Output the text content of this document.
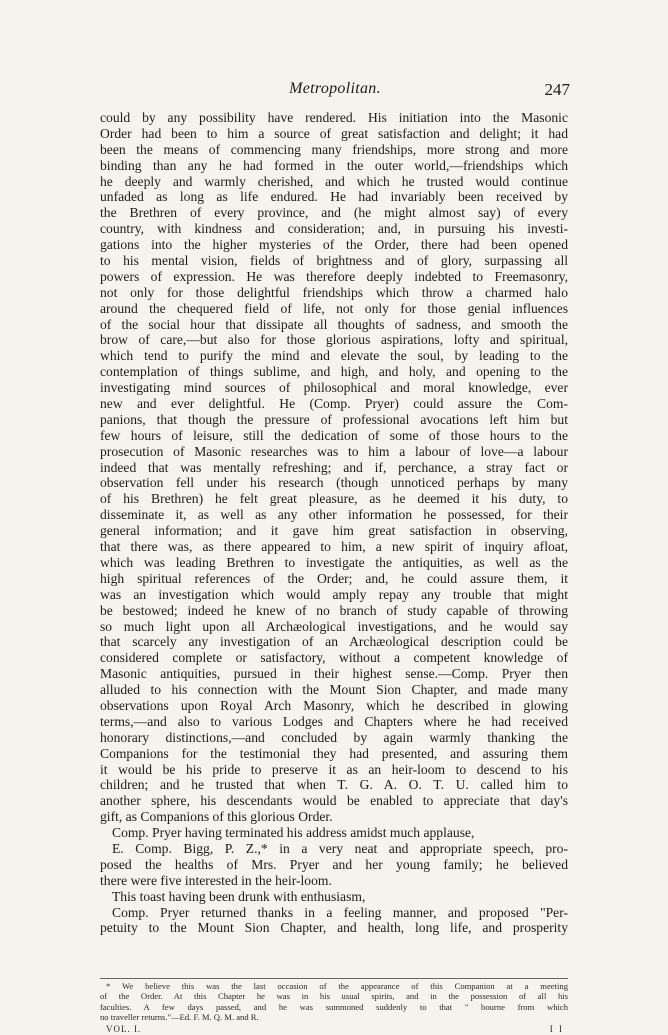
Metropolitan.	247
could by any possibility have rendered. His initiation into the Masonic
Order had been to him a source of great satisfaction and delight; it had
been the means of commencing many friendships, more strong and more
binding than any he had formed in the outer world,—friendships which
he deeply and warmly cherished, and which he trusted would continue
unfaded as long as life endured. He had invariably been received by
the Brethren of every province, and (he might almost say) of every
country, with kindness and consideration; and, in pursuing his investi-
gations into the higher mysteries of the Order, there had been opened
to his mental vision, fields of brightness and of glory, surpassing all
powers of expression. He was therefore deeply indebted to Freemasonry,
not only for those delightful friendships which throw a charmed halo
around the chequered field of life, not only for those genial influences
of the social hour that dissipate all thoughts of sadness, and smooth the
brow of care,—but also for those glorious aspirations, lofty and spiritual,
which tend to purify the mind and elevate the soul, by leading to the
contemplation of things sublime, and high, and holy, and opening to the
investigating mind sources of philosophical and moral knowledge, ever
new and ever delightful. He (Comp. Pryer) could assure the Com-
panions, that though the pressure of professional avocations left him but
few hours of leisure, still the dedication of some of those hours to the
prosecution of Masonic researches was to him a labour of love—a labour
indeed that was mentally refreshing; and if, perchance, a stray fact or
observation fell under his research (though unnoticed perhaps by many
of his Brethren) he felt great pleasure, as he deemed it his duty, to
disseminate it, as well as any other information he possessed, for their
general information; and it gave him great satisfaction in observing,
that there was, as there appeared to him, a new spirit of inquiry afloat,
which was leading Brethren to investigate the antiquities, as well as the
high spiritual references of the Order; and, he could assure them, it
was an investigation which would amply repay any trouble that might
be bestowed; indeed he knew of no branch of study capable of throwing
so much light upon all Archæological investigations, and he would say
that scarcely any investigation of an Archæological description could be
considered complete or satisfactory, without a competent knowledge of
Masonic antiquities, pursued in their highest sense.—Comp. Pryer then
alluded to his connection with the Mount Sion Chapter, and made many
observations upon Royal Arch Masonry, which he described in glowing
terms,—and also to various Lodges and Chapters where he had received
honorary distinctions,—and concluded by again warmly thanking the
Companions for the testimonial they had presented, and assuring them
it would be his pride to preserve it as an heir-loom to descend to his
children; and he trusted that when T. G. A. O. T. U. called him to
another sphere, his descendants would be enabled to appreciate that day's
gift, as Companions of this glorious Order.
Comp. Pryer having terminated his address amidst much applause,
E. Comp. Bigg, P. Z.,* in a very neat and appropriate speech, pro-
posed the healths of Mrs. Pryer and her young family; he believed
there were five interested in the heir-loom.
This toast having been drunk with enthusiasm,
Comp. Pryer returned thanks in a feeling manner, and proposed "Per-
petuity to the Mount Sion Chapter, and health, long life, and prosperity
* We believe this was the last occasion of the appearance of this Companion at a meeting
of the Order. At this Chapter he was in his usual spirits, and in the possession of all his
faculties. A few days passed, and he was summoned suddenly to that " bourne from which
no traveller returns."—Ed. F. M. Q. M. and R.
VOL. I.	I I
